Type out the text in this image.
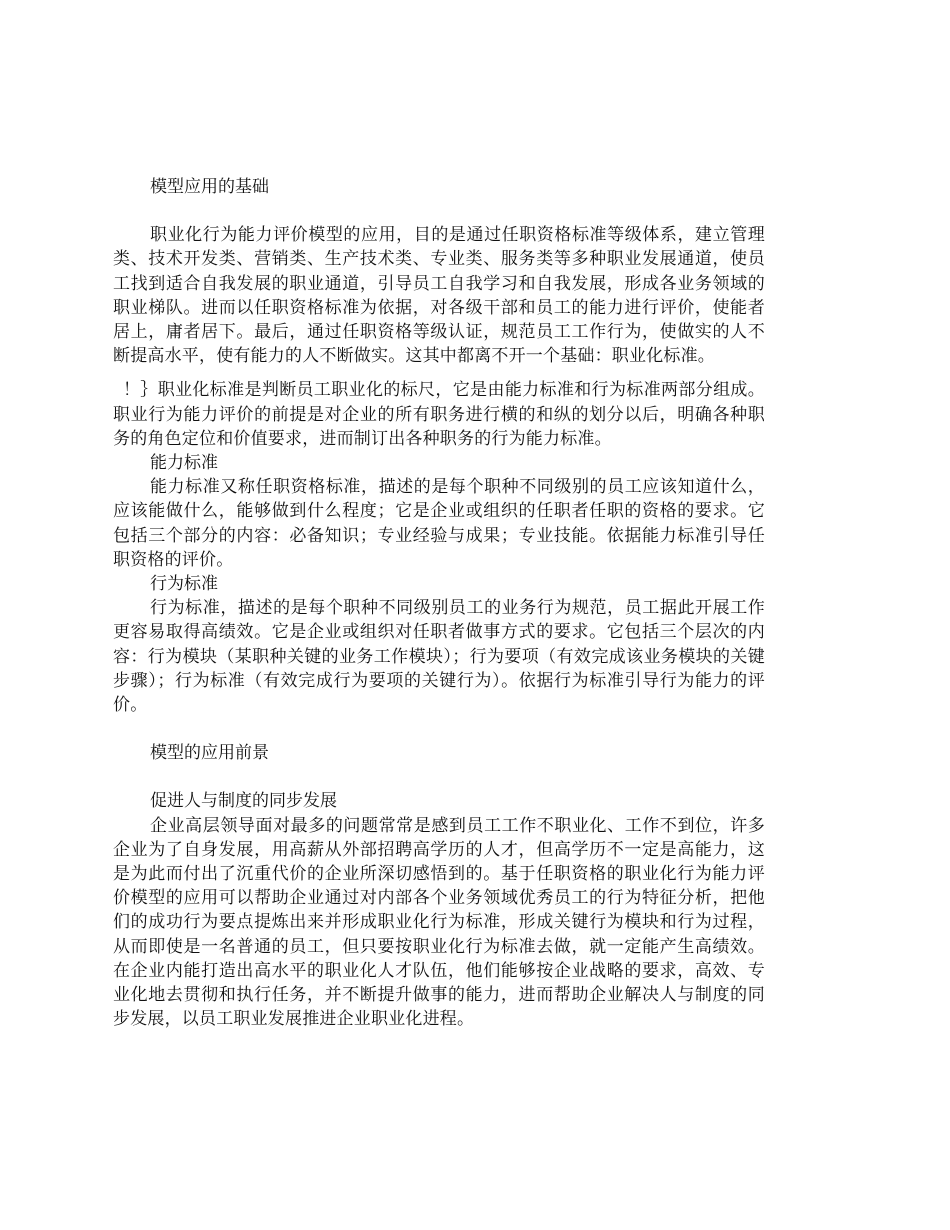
模型应用的基础

职业化行为能力评价模型的应用，目的是通过任职资格标准等级体系，建立管理类、技术开发类、营销类、生产技术类、专业类、服务类等多种职业发展通道，使员工找到适合自我发展的职业通道，引导员工自我学习和自我发展，形成各业务领域的职业梯队。进而以任职资格标准为依据，对各级干部和员工的能力进行评价，使能者居上，庸者居下。最后，通过任职资格等级认证，规范员工工作行为，使做实的人不断提高水平，使有能力的人不断做实。这其中都离不开一个基础：职业化标准。

！｝职业化标准是判断员工职业化的标尺，它是由能力标准和行为标准两部分组成。职业行为能力评价的前提是对企业的所有职务进行横的和纵的划分以后，明确各种职务的角色定位和价值要求，进而制订出各种职务的行为能力标准。

能力标准

能力标准又称任职资格标准，描述的是每个职种不同级别的员工应该知道什么，应该能做什么，能够做到什么程度；它是企业或组织的任职者任职的资格的要求。它包括三个部分的内容：必备知识；专业经验与成果；专业技能。依据能力标准引导任职资格的评价。

行为标准

行为标准，描述的是每个职种不同级别员工的业务行为规范，员工据此开展工作更容易取得高绩效。它是企业或组织对任职者做事方式的要求。它包括三个层次的内容：行为模块（某职种关键的业务工作模块）；行为要项（有效完成该业务模块的关键步骤）；行为标准（有效完成行为要项的关键行为）。依据行为标准引导行为能力的评价。

模型的应用前景

促进人与制度的同步发展

企业高层领导面对最多的问题常常是感到员工工作不职业化、工作不到位，许多企业为了自身发展，用高薪从外部招聘高学历的人才，但高学历不一定是高能力，这是为此而付出了沉重代价的企业所深切感悟到的。基于任职资格的职业化行为能力评价模型的应用可以帮助企业通过对内部各个业务领域优秀员工的行为特征分析，把他们的成功行为要点提炼出来并形成职业化行为标准，形成关键行为模块和行为过程，从而即使是一名普通的员工，但只要按职业化行为标准去做，就一定能产生高绩效。在企业内能打造出高水平的职业化人才队伍，他们能够按企业战略的要求，高效、专业化地去贯彻和执行任务，并不断提升做事的能力，进而帮助企业解决人与制度的同步发展，以员工职业发展推进企业职业化进程。
